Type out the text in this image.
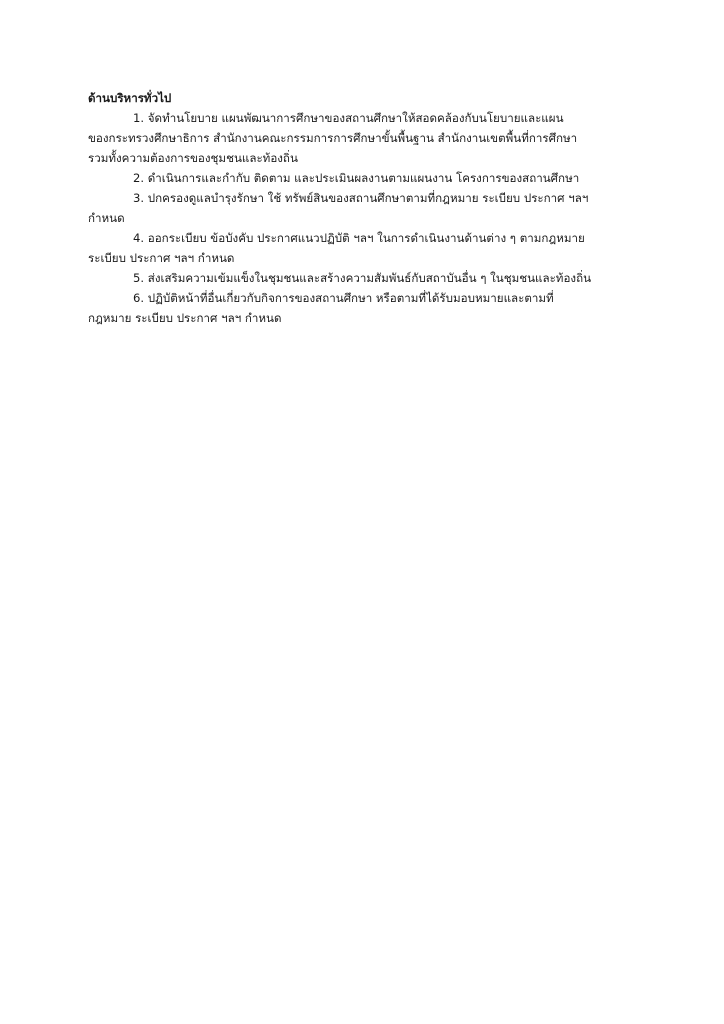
ด้านบริหารทั่วไป

1. จัดทำนโยบาย แผนพัฒนาการศึกษาของสถานศึกษาให้สอดคล้องกับนโยบายและแผน
ของกระทรวงศึกษาธิการ สำนักงานคณะกรรมการการศึกษาขั้นพื้นฐาน สำนักงานเขตพื้นที่การศึกษา
รวมทั้งความต้องการของชุมชนและท้องถิ่น

2. ดำเนินการและกำกับ ติดตาม และประเมินผลงานตามแผนงาน โครงการของสถานศึกษา

3. ปกครองดูแลบำรุงรักษา ใช้ ทรัพย์สินของสถานศึกษาตามที่กฎหมาย ระเบียบ ประกาศ ฯลฯ
กำหนด

4. ออกระเบียบ ข้อบังคับ ประกาศแนวปฏิบัติ ฯลฯ ในการดำเนินงานด้านต่าง ๆ ตามกฎหมาย
ระเบียบ ประกาศ ฯลฯ กำหนด

5. ส่งเสริมความเข้มแข็งในชุมชนและสร้างความสัมพันธ์กับสถาบันอื่น ๆ ในชุมชนและท้องถิ่น

6. ปฏิบัติหน้าที่อื่นเกี่ยวกับกิจการของสถานศึกษา หรือตามที่ได้รับมอบหมายและตามที่
กฎหมาย ระเบียบ ประกาศ ฯลฯ กำหนด
